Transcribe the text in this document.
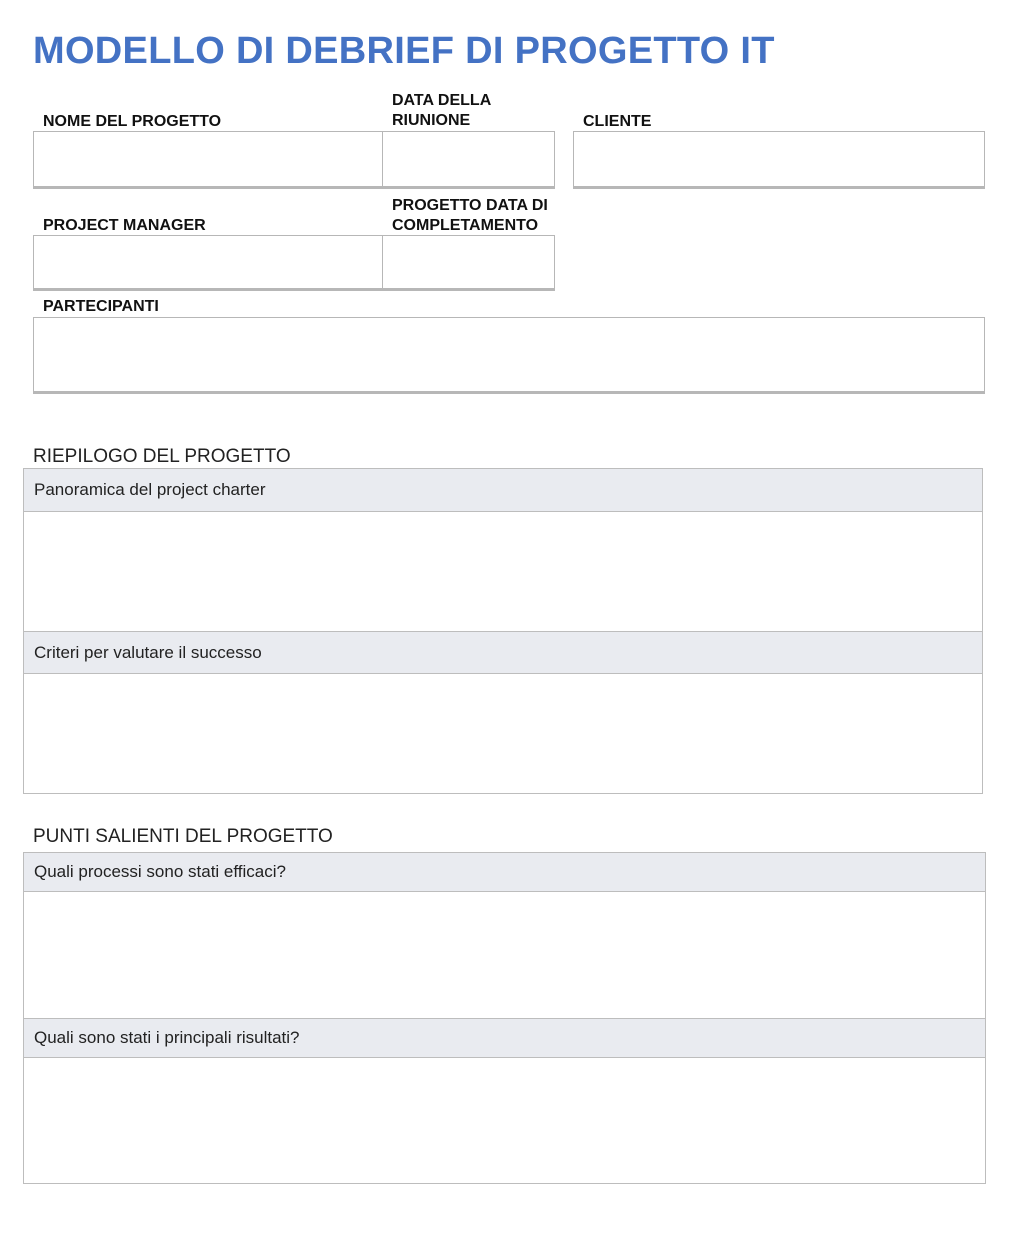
MODELLO DI DEBRIEF DI PROGETTO IT
NOME DEL PROGETTO
DATA DELLA RIUNIONE	CLIENTE
PROJECT MANAGER
PROGETTO DATA DI COMPLETAMENTO
PARTECIPANTI
RIEPILOGO DEL PROGETTO
Panoramica del project charter
Criteri per valutare il successo
PUNTI SALIENTI DEL PROGETTO
Quali processi sono stati efficaci?
Quali sono stati i principali risultati?
